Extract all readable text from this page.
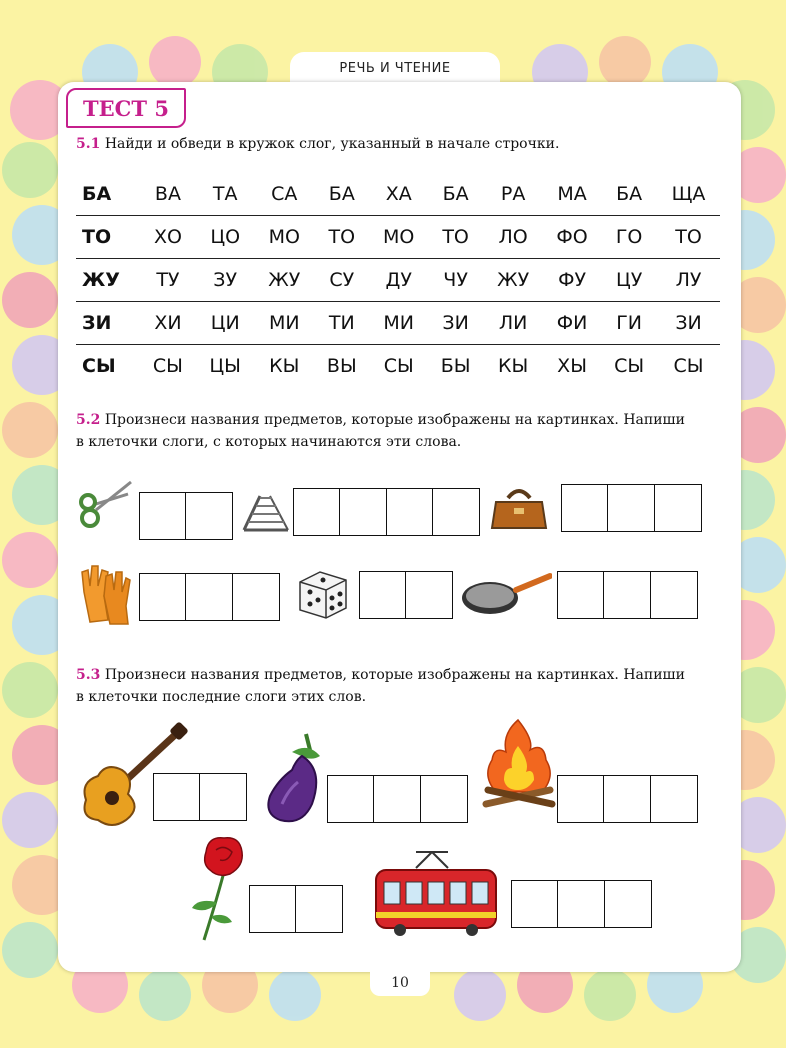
РЕЧЬ И ЧТЕНИЕ
ТЕСТ 5
5.1 Найди и обведи в кружок слог, указанный в начале строчки.
БА	ВА	ТА	СА	БА	ХА	БА	РА	МА	БА	ЩА
ТО	ХО	ЦО	МО	ТО	МО	ТО	ЛО	ФО	ГО	ТО
ЖУ	ТУ	ЗУ	ЖУ	СУ	ДУ	ЧУ	ЖУ	ФУ	ЦУ	ЛУ
ЗИ	ХИ	ЦИ	МИ	ТИ	МИ	ЗИ	ЛИ	ФИ	ГИ	ЗИ
СЫ	СЫ	ЦЫ	КЫ	ВЫ	СЫ	БЫ	КЫ	ХЫ	СЫ	СЫ
5.2 Произнеси названия предметов, которые изображены на картинках. Напиши
в клеточки слоги, с которых начинаются эти слова.
5.3 Произнеси названия предметов, которые изображены на картинках. Напиши
в клеточки последние слоги этих слов.
10
